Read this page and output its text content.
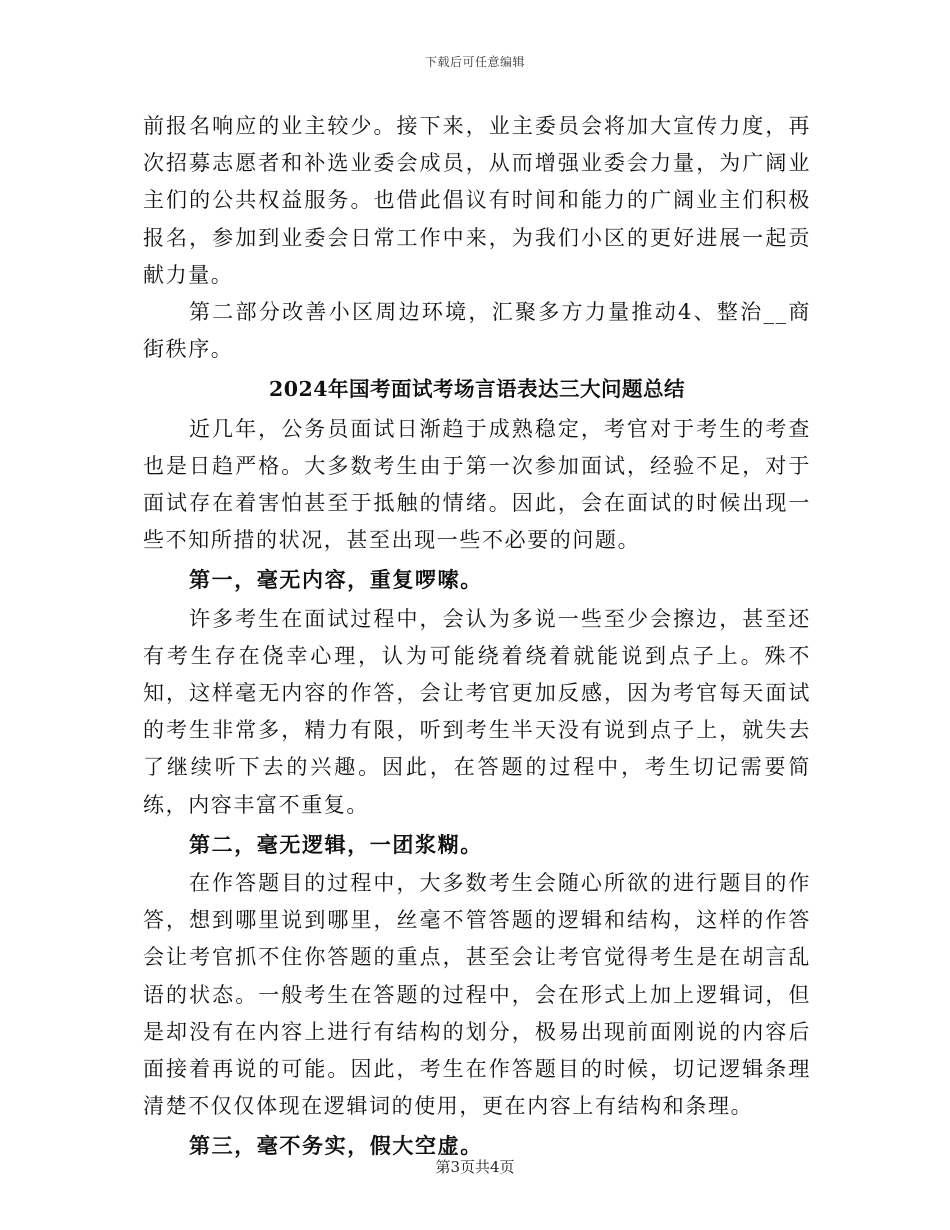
下载后可任意编辑

前报名响应的业主较少。接下来，业主委员会将加大宣传力度，再次招募志愿者和补选业委会成员，从而增强业委会力量，为广阔业主们的公共权益服务。也借此倡议有时间和能力的广阔业主们积极报名，参加到业委会日常工作中来，为我们小区的更好进展一起贡献力量。

第二部分改善小区周边环境，汇聚多方力量推动4、整治__商街秩序。

2024年国考面试考场言语表达三大问题总结

近几年，公务员面试日渐趋于成熟稳定，考官对于考生的考查也是日趋严格。大多数考生由于第一次参加面试，经验不足，对于面试存在着害怕甚至于抵触的情绪。因此，会在面试的时候出现一些不知所措的状况，甚至出现一些不必要的问题。

第一，毫无内容，重复啰嗦。

许多考生在面试过程中，会认为多说一些至少会擦边，甚至还有考生存在侥幸心理，认为可能绕着绕着就能说到点子上。殊不知，这样毫无内容的作答，会让考官更加反感，因为考官每天面试的考生非常多，精力有限，听到考生半天没有说到点子上，就失去了继续听下去的兴趣。因此，在答题的过程中，考生切记需要简练，内容丰富不重复。

第二，毫无逻辑，一团浆糊。

在作答题目的过程中，大多数考生会随心所欲的进行题目的作答，想到哪里说到哪里，丝毫不管答题的逻辑和结构，这样的作答会让考官抓不住你答题的重点，甚至会让考官觉得考生是在胡言乱语的状态。一般考生在答题的过程中，会在形式上加上逻辑词，但是却没有在内容上进行有结构的划分，极易出现前面刚说的内容后面接着再说的可能。因此，考生在作答题目的时候，切记逻辑条理清楚不仅仅体现在逻辑词的使用，更在内容上有结构和条理。

第三，毫不务实，假大空虚。

第3页共4页
